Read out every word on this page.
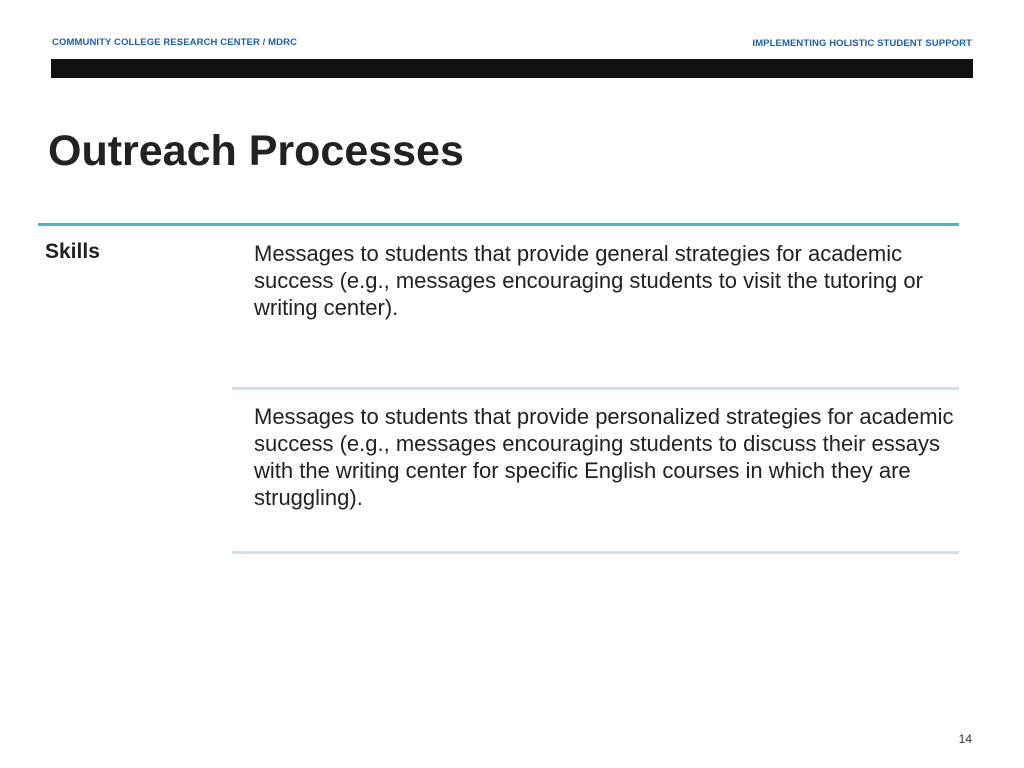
COMMUNITY COLLEGE RESEARCH CENTER / MDRC	IMPLEMENTING HOLISTIC STUDENT SUPPORT
Outreach Processes
Skills	Messages to students that provide general strategies for academic success (e.g., messages encouraging students to visit the tutoring or writing center).
Messages to students that provide personalized strategies for academic success (e.g., messages encouraging students to discuss their essays with the writing center for specific English courses in which they are struggling).
14
